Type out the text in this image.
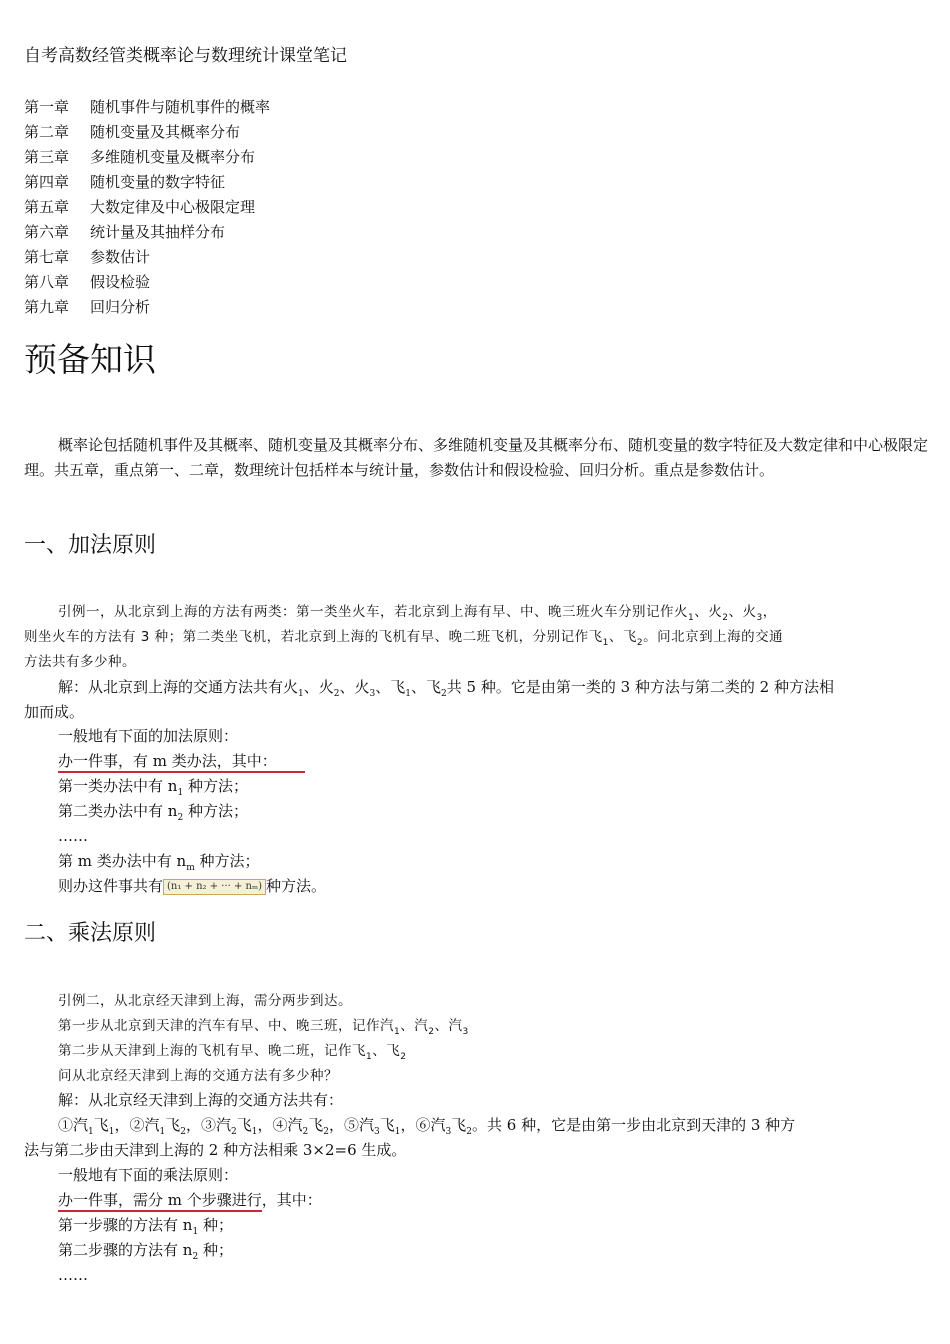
自考高数经管类概率论与数理统计课堂笔记
第一章 随机事件与随机事件的概率
第二章 随机变量及其概率分布
第三章 多维随机变量及概率分布
第四章 随机变量的数字特征
第五章 大数定律及中心极限定理
第六章 统计量及其抽样分布
第七章 参数估计
第八章 假设检验
第九章 回归分析
预备知识
概率论包括随机事件及其概率、随机变量及其概率分布、多维随机变量及其概率分布、随机变量的数字特征及大数定律和中心极限定理。共五章，重点第一、二章，数理统计包括样本与统计量，参数估计和假设检验、回归分析。重点是参数估计。
一、加法原则
引例一，从北京到上海的方法有两类：第一类坐火车，若北京到上海有早、中、晚三班火车分别记作火$_1$、火$_2$、火$_3$，
则坐火车的方法有 3 种；第二类坐飞机，若北京到上海的飞机有早、晚二班飞机，分别记作飞$_1$、飞$_2$。问北京到上海的交通
方法共有多少种。
解：从北京到上海的交通方法共有火$_1$、火$_2$、火$_3$、飞$_1$、飞$_2$共 5 种。它是由第一类的 3 种方法与第二类的 2 种方法相
加而成。
一般地有下面的加法原则：
办一件事，有 m 类办法，其中：
第一类办法中有 $n_1$ 种方法；
第二类办法中有 $n_2$ 种方法；
……
第 m 类办法中有 $n_m$ 种方法；
则办这件事共有 (n₁ + n₂ + ··· + nₘ) 种方法。
二、乘法原则
引例二，从北京经天津到上海，需分两步到达。
第一步从北京到天津的汽车有早、中、晚三班，记作汽$_1$、汽$_2$、汽$_3$
第二步从天津到上海的飞机有早、晚二班，记作飞$_1$、飞$_2$
问从北京经天津到上海的交通方法有多少种？
解：从北京经天津到上海的交通方法共有：
①汽$_1$飞$_1$，②汽$_1$飞$_2$，③汽$_2$飞$_1$，④汽$_2$飞$_2$，⑤汽$_3$飞$_1$，⑥汽$_3$飞$_2$。共 6 种，它是由第一步由北京到天津的 3 种方
法与第二步由天津到上海的 2 种方法相乘 3×2=6 生成。
一般地有下面的乘法原则：
办一件事，需分 m 个步骤进行，其中：
第一步骤的方法有 $n_1$ 种；
第二步骤的方法有 $n_2$ 种；
……
